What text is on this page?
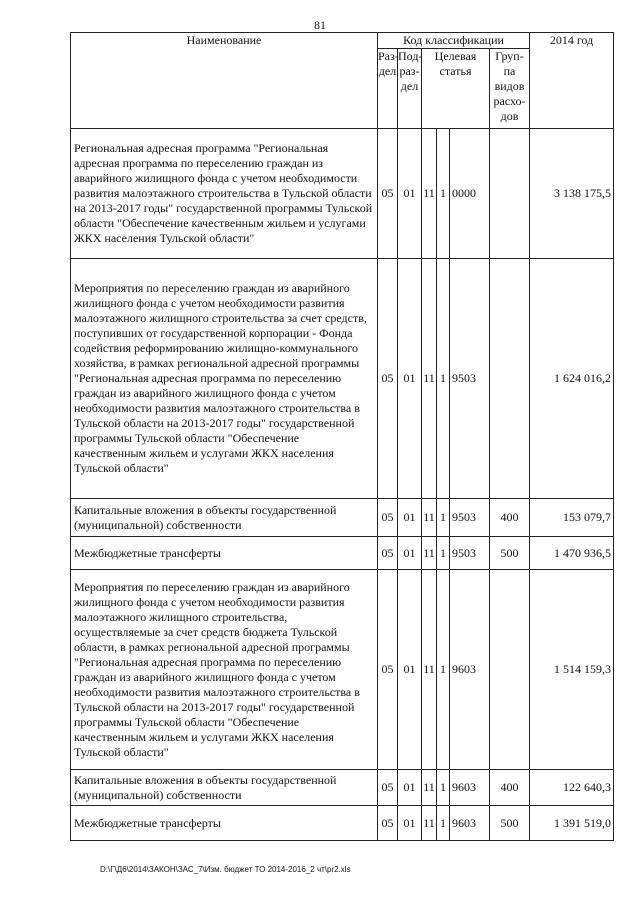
81
Наименование	Код классификации						2014 год
	Раз-дел	Под-раз-дел	Целевая статья			Груп-па видов расхо-дов	
Региональная адресная программа "Региональная адресная программа по переселению граждан из аварийного жилищного фонда с учетом необходимости развития малоэтажного строительства в Тульской области на 2013-2017 годы" государственной программы Тульской области "Обеспечение качественным жильем и услугами ЖКХ населения Тульской области"	05	01	11	1	0000		3 138 175,5
Мероприятия по переселению граждан из аварийного жилищного фонда с учетом необходимости развития малоэтажного жилищного строительства за счет средств, поступивших от государственной корпорации - Фонда содействия реформированию жилищно-коммунального хозяйства, в рамках региональной адресной программы "Региональная адресная программа по переселению граждан из аварийного жилищного фонда с учетом необходимости развития малоэтажного строительства в Тульской области на 2013-2017 годы" государственной программы Тульской области "Обеспечение качественным жильем и услугами ЖКХ населения Тульской области"	05	01	11	1	9503		1 624 016,2
Капитальные вложения в объекты государственной (муниципальной) собственности	05	01	11	1	9503	400	153 079,7
Межбюджетные трансферты	05	01	11	1	9503	500	1 470 936,5
Мероприятия по переселению граждан из аварийного жилищного фонда с учетом необходимости развития малоэтажного жилищного строительства, осуществляемые за счет средств бюджета Тульской области, в рамках региональной адресной программы "Региональная адресная программа по переселению граждан из аварийного жилищного фонда с учетом необходимости развития малоэтажного строительства в Тульской области на 2013-2017 годы" государственной программы Тульской области "Обеспечение качественным жильем и услугами ЖКХ населения Тульской области"	05	01	11	1	9603		1 514 159,3
Капитальные вложения в объекты государственной (муниципальной) собственности	05	01	11	1	9603	400	122 640,3
Межбюджетные трансферты	05	01	11	1	9603	500	1 391 519,0
D:\Г\Д6\2014\ЗАКОН\ЗАС_7\Изм. бюджет ТО 2014-2016_2 чт\pr2.xls
